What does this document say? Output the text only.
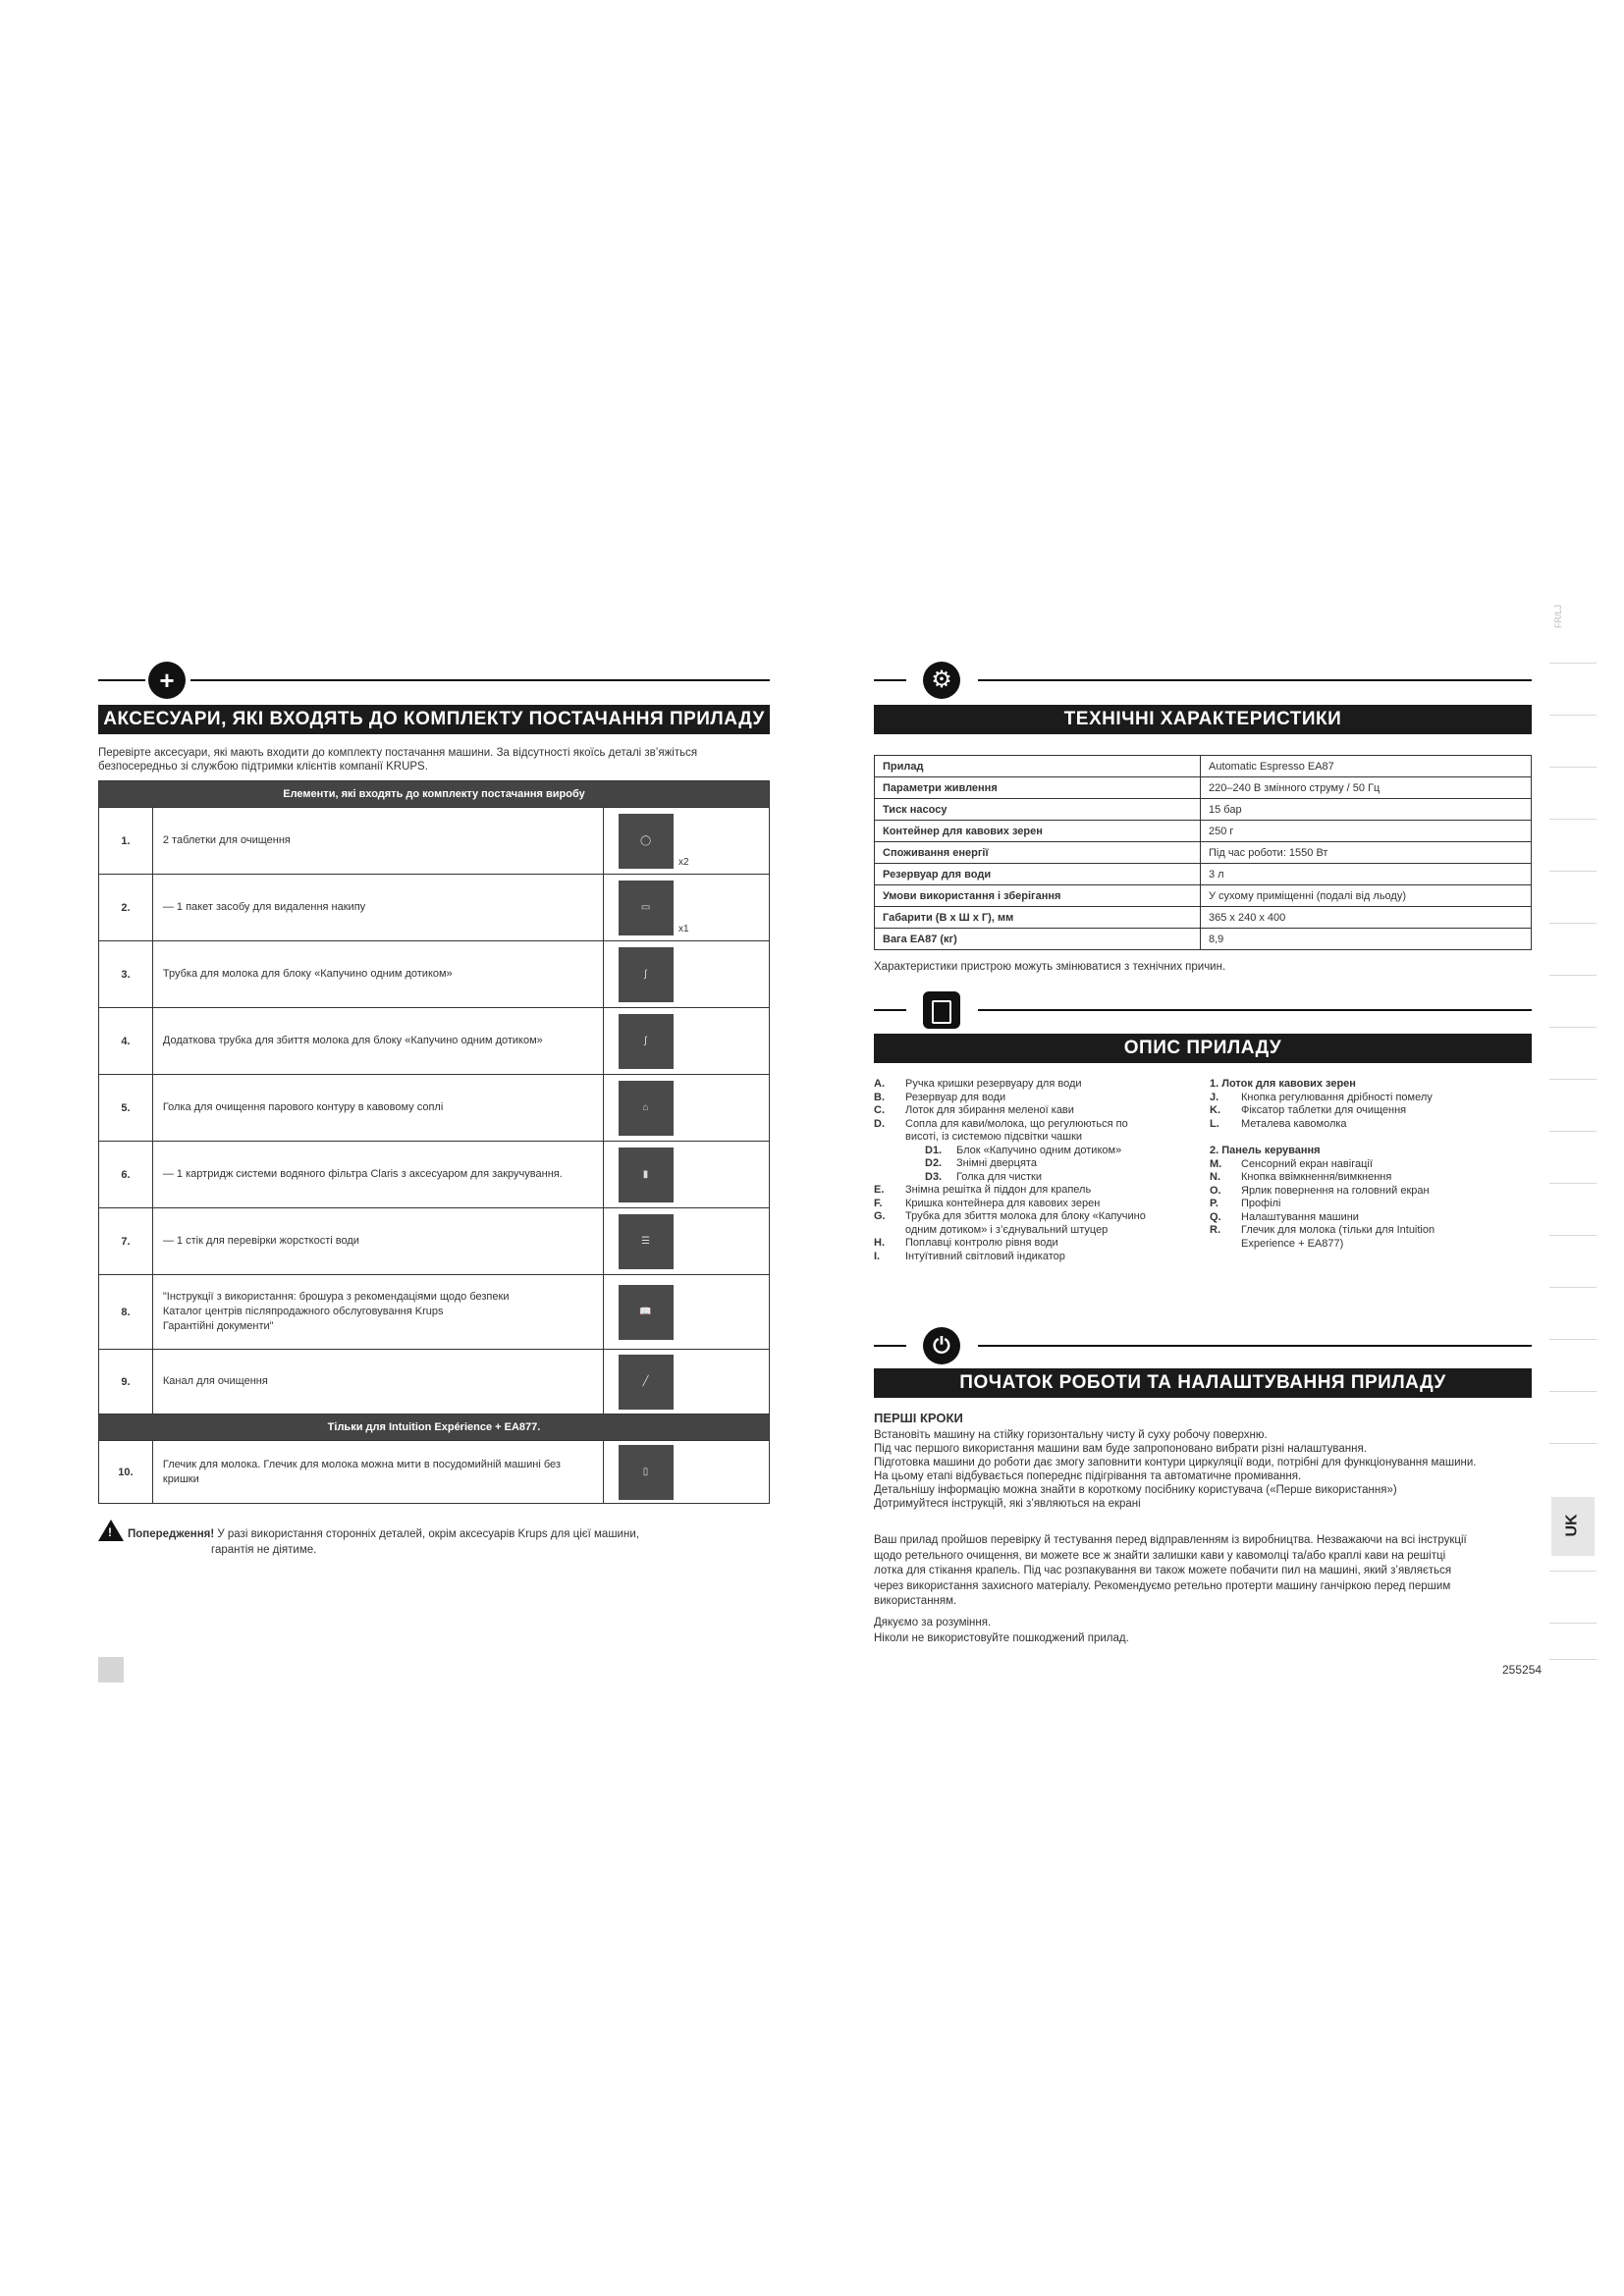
+
АКСЕСУАРИ, ЯКІ ВХОДЯТЬ ДО КОМПЛЕКТУ ПОСТАЧАННЯ ПРИЛАДУ
Перевірте аксесуари, які мають входити до комплекту постачання машини. За відсутності якоїсь деталі зв’яжіться
безпосередньо зі службою підтримки клієнтів компанії KRUPS.
Елементи, які входять до комплекту постачання виробу		
1.	2 таблетки для очищення	◯
x2

2.	— 1 пакет засобу для видалення накипу	▭
x1

3.	Трубка для молока для блоку «Капучино одним дотиком»	∫

4.	Додаткова трубка для збиття молока для блоку «Капучино одним дотиком»	ʃ

5.	Голка для очищення парового контуру в кавовому соплі	⌂

6.	— 1 картридж системи водяного фільтра Claris з аксесуаром для закручування.	▮

7.	— 1 стік для перевірки жорсткості води	☰

8.	"Інструкції з використання: брошура з рекомендаціями щодо безпеки
Каталог центрів післяпродажного обслуговування Krups
Гарантійні документи"	📖

9.	Канал для очищення	╱

Тільки для Intuition Expérience + EA877.		
10.	Глечик для молока. Глечик для молока можна мити в посудомийній машині без кришки	▯
! Попередження! У разі використання сторонніх деталей, окрім аксесуарів Krups для цієї машини,
гарантія не діятиме.
⚙
ТЕХНІЧНІ ХАРАКТЕРИСТИКИ
Прилад	Automatic Espresso EA87
Параметри живлення	220–240 В змінного струму / 50 Гц
Тиск насосу	15 бар
Контейнер для кавових зерен	250 г
Споживання енергії	Під час роботи: 1550 Вт
Резервуар для води	3 л
Умови використання і зберігання	У сухому приміщенні (подалі від льоду)
Габарити (В x Ш x Г), мм	365 x 240 x 400
Вага EA87 (кг)	8,9
Характеристики пристрою можуть змінюватися з технічних причин.
ОПИС ПРИЛАДУ
A. Ручка кришки резервуару для води
B. Резервуар для води
C. Лоток для збирання меленої кави
D. Сопла для кави/молока, що регулюються по
висоті, із системою підсвітки чашки
D1. Блок «Капучино одним дотиком»
D2. Знімні дверцята
D3. Голка для чистки
E. Знімна решітка й піддон для крапель
F. Кришка контейнера для кавових зерен
G. Трубка для збиття молока для блоку «Капучино
одним дотиком» і з’єднувальний штуцер
H. Поплавці контролю рівня води
I. Інтуїтивний світловий індикатор
1. Лоток для кавових зерен
J. Кнопка регулювання дрібності помелу
K. Фіксатор таблетки для очищення
L. Металева кавомолка
2. Панель керування
M. Сенсорний екран навігації
N. Кнопка ввімкнення/вимкнення
O. Ярлик повернення на головний екран
P. Профілі
Q. Налаштування машини
R. Глечик для молока (тільки для Intuition
Experience + EA877)
⏻
ПОЧАТОК РОБОТИ ТА НАЛАШТУВАННЯ ПРИЛАДУ
ПЕРШІ КРОКИ
Встановіть машину на стійку горизонтальну чисту й суху робочу поверхню.
Під час першого використання машини вам буде запропоновано вибрати різні налаштування.
Підготовка машини до роботи дає змогу заповнити контури циркуляції води, потрібні для функціонування машини.
На цьому етапі відбувається попереднє підігрівання та автоматичне промивання.
Детальнішу інформацію можна знайти в короткому посібнику користувача («Перше використання»)
Дотримуйтеся інструкцій, які з’являються на екрані
Ваш прилад пройшов перевірку й тестування перед відправленням із виробництва. Незважаючи на всі інструкції
щодо ретельного очищення, ви можете все ж знайти залишки кави у кавомолці та/або краплі кави на решітці
лотка для стікання крапель. Під час розпакування ви також можете побачити пил на машині, який з’являється
через використання захисного матеріалу. Рекомендуємо ретельно протерти машину ганчіркою перед першим
використанням.
Дякуємо за розуміння.
Ніколи не використовуйте пошкоджений прилад.
255254
FR/LJ
UK
